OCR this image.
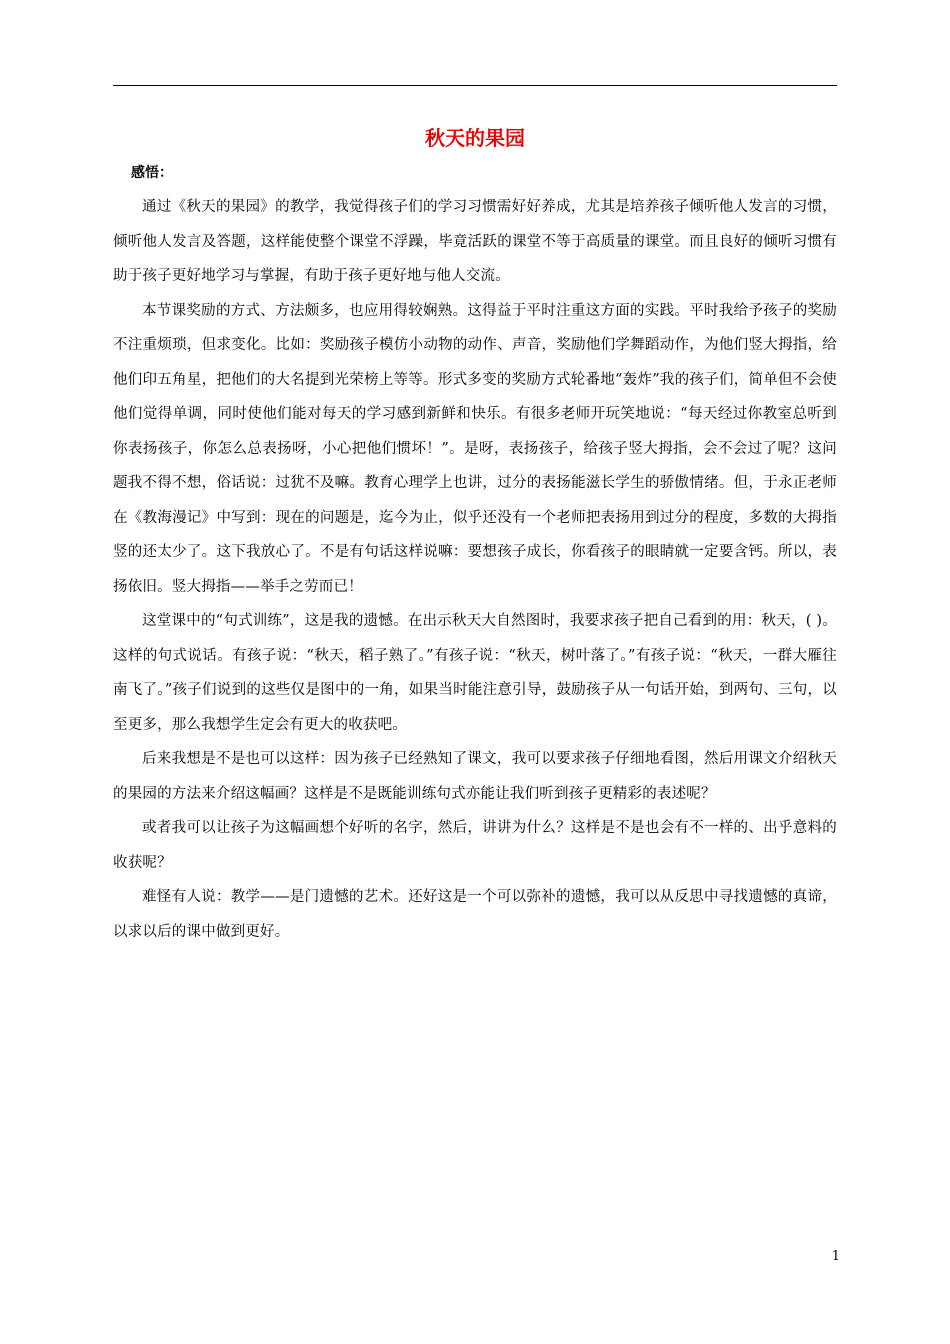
秋天的果园
感悟：

通过《秋天的果园》的教学，我觉得孩子们的学习习惯需好好养成，尤其是培养孩子倾听他人发言的习惯，倾听他人发言及答题，这样能使整个课堂不浮躁，毕竟活跃的课堂不等于高质量的课堂。而且良好的倾听习惯有助于孩子更好地学习与掌握，有助于孩子更好地与他人交流。

本节课奖励的方式、方法颇多，也应用得较娴熟。这得益于平时注重这方面的实践。平时我给予孩子的奖励不注重烦琐，但求变化。比如：奖励孩子模仿小动物的动作、声音，奖励他们学舞蹈动作，为他们竖大拇指，给他们印五角星，把他们的大名提到光荣榜上等等。形式多变的奖励方式轮番地“轰炸”我的孩子们，简单但不会使他们觉得单调，同时使他们能对每天的学习感到新鲜和快乐。有很多老师开玩笑地说：“每天经过你教室总听到你表扬孩子，你怎么总表扬呀，小心把他们惯坏！”。是呀，表扬孩子，给孩子竖大拇指，会不会过了呢？这问题我不得不想，俗话说：过犹不及嘛。教育心理学上也讲，过分的表扬能滋长学生的骄傲情绪。但，于永正老师在《教海漫记》中写到：现在的问题是，迄今为止，似乎还没有一个老师把表扬用到过分的程度，多数的大拇指竖的还太少了。这下我放心了。不是有句话这样说嘛：要想孩子成长，你看孩子的眼睛就一定要含钙。所以，表扬依旧。竖大拇指——举手之劳而已！

这堂课中的“句式训练”，这是我的遗憾。在出示秋天大自然图时，我要求孩子把自己看到的用：秋天，( )。这样的句式说话。有孩子说：“秋天，稻子熟了。”有孩子说：“秋天，树叶落了。”有孩子说：“秋天，一群大雁往南飞了。”孩子们说到的这些仅是图中的一角，如果当时能注意引导，鼓励孩子从一句话开始，到两句、三句，以至更多，那么我想学生定会有更大的收获吧。

后来我想是不是也可以这样：因为孩子已经熟知了课文，我可以要求孩子仔细地看图，然后用课文介绍秋天的果园的方法来介绍这幅画？这样是不是既能训练句式亦能让我们听到孩子更精彩的表述呢？

或者我可以让孩子为这幅画想个好听的名字，然后，讲讲为什么？这样是不是也会有不一样的、出乎意料的收获呢？

难怪有人说：教学——是门遗憾的艺术。还好这是一个可以弥补的遗憾，我可以从反思中寻找遗憾的真谛，以求以后的课中做到更好。

1
